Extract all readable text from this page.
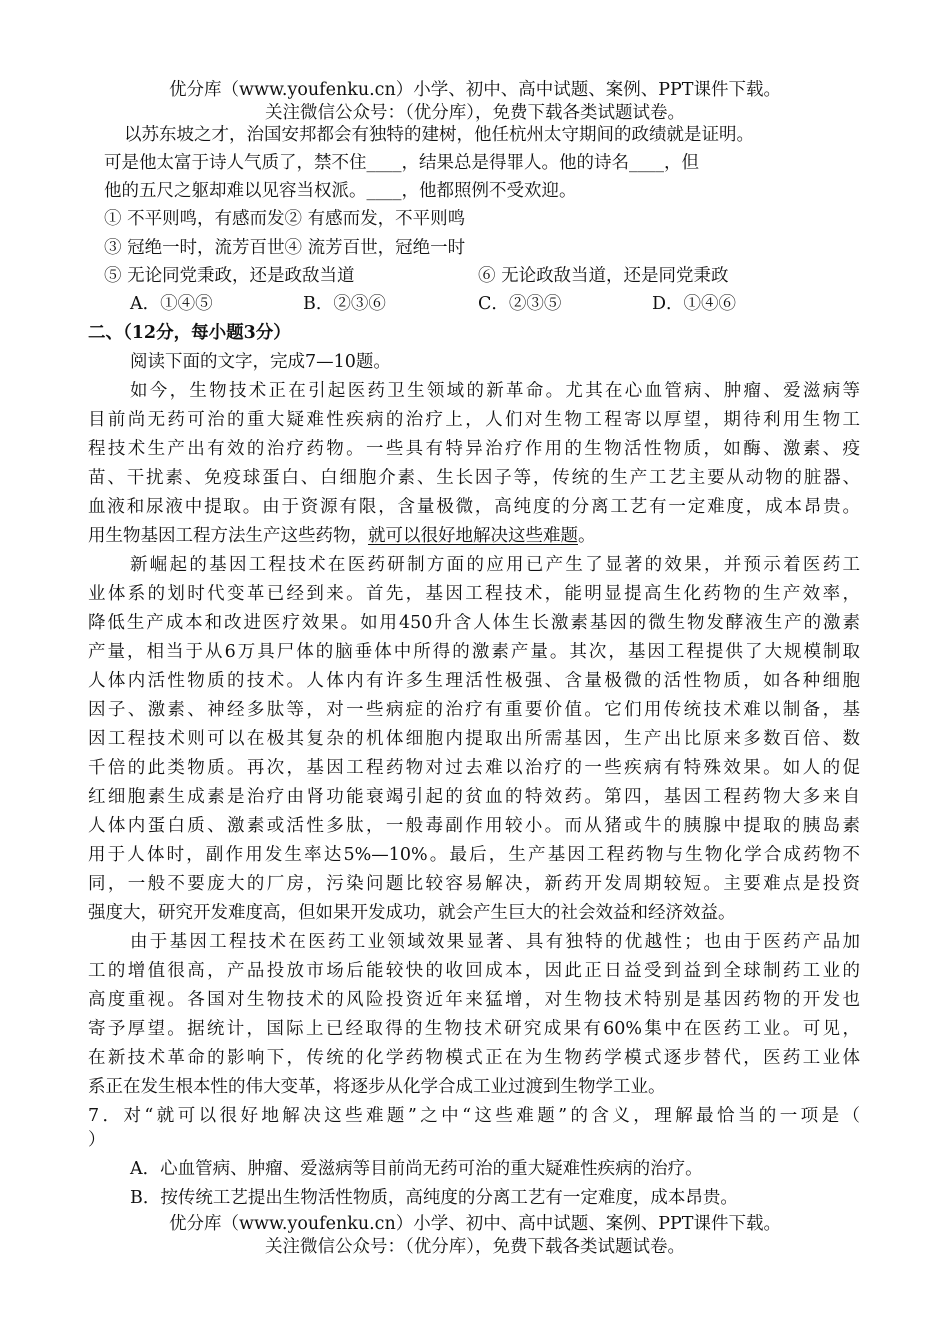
优分库（www.youfenku.cn）小学、初中、高中试题、案例、PPT课件下载。
关注微信公众号：（优分库），免费下载各类试题试卷。
以苏东坡之才，治国安邦都会有独特的建树，他任杭州太守期间的政绩就是证明。
可是他太富于诗人气质了，禁不住____，结果总是得罪人。他的诗名____，但
他的五尺之躯却难以见容当权派。____，他都照例不受欢迎。
① 不平则鸣，有感而发② 有感而发，不平则鸣
③ 冠绝一时，流芳百世④ 流芳百世，冠绝一时
⑤ 无论同党秉政，还是政敌当道	⑥ 无论政敌当道，还是同党秉政
A．①④⑤	B．②③⑥	C．②③⑤	D．①④⑥
二、（12分，每小题3分）
阅读下面的文字，完成7—10题。
如今，生物技术正在引起医药卫生领域的新革命。尤其在心血管病、肿瘤、爱滋病等
目前尚无药可治的重大疑难性疾病的治疗上，人们对生物工程寄以厚望，期待利用生物工
程技术生产出有效的治疗药物。一些具有特异治疗作用的生物活性物质，如酶、激素、疫
苗、干扰素、免疫球蛋白、白细胞介素、生长因子等，传统的生产工艺主要从动物的脏器、
血液和尿液中提取。由于资源有限，含量极微，高纯度的分离工艺有一定难度，成本昂贵。
用生物基因工程方法生产这些药物，就可以很好地解决这些难题。
新崛起的基因工程技术在医药研制方面的应用已产生了显著的效果，并预示着医药工
业体系的划时代变革已经到来。首先，基因工程技术，能明显提高生化药物的生产效率，
降低生产成本和改进医疗效果。如用450升含人体生长激素基因的微生物发酵液生产的激素
产量，相当于从6万具尸体的脑垂体中所得的激素产量。其次，基因工程提供了大规模制取
人体内活性物质的技术。人体内有许多生理活性极强、含量极微的活性物质，如各种细胞
因子、激素、神经多肽等，对一些病症的治疗有重要价值。它们用传统技术难以制备，基
因工程技术则可以在极其复杂的机体细胞内提取出所需基因，生产出比原来多数百倍、数
千倍的此类物质。再次，基因工程药物对过去难以治疗的一些疾病有特殊效果。如人的促
红细胞素生成素是治疗由肾功能衰竭引起的贫血的特效药。第四，基因工程药物大多来自
人体内蛋白质、激素或活性多肽，一般毒副作用较小。而从猪或牛的胰腺中提取的胰岛素
用于人体时，副作用发生率达5%—10%。最后，生产基因工程药物与生物化学合成药物不
同，一般不要庞大的厂房，污染问题比较容易解决，新药开发周期较短。主要难点是投资
强度大，研究开发难度高，但如果开发成功，就会产生巨大的社会效益和经济效益。
由于基因工程技术在医药工业领域效果显著、具有独特的优越性；也由于医药产品加
工的增值很高，产品投放市场后能较快的收回成本，因此正日益受到益到全球制药工业的
高度重视。各国对生物技术的风险投资近年来猛增，对生物技术特别是基因药物的开发也
寄予厚望。据统计，国际上已经取得的生物技术研究成果有60%集中在医药工业。可见，
在新技术革命的影响下，传统的化学药物模式正在为生物药学模式逐步替代，医药工业体
系正在发生根本性的伟大变革，将逐步从化学合成工业过渡到生物学工业。
7．对“就可以很好地解决这些难题”之中“这些难题”的含义，理解最恰当的一项是（
）
A．心血管病、肿瘤、爱滋病等目前尚无药可治的重大疑难性疾病的治疗。
B．按传统工艺提出生物活性物质，高纯度的分离工艺有一定难度，成本昂贵。
优分库（www.youfenku.cn）小学、初中、高中试题、案例、PPT课件下载。
关注微信公众号：（优分库），免费下载各类试题试卷。
